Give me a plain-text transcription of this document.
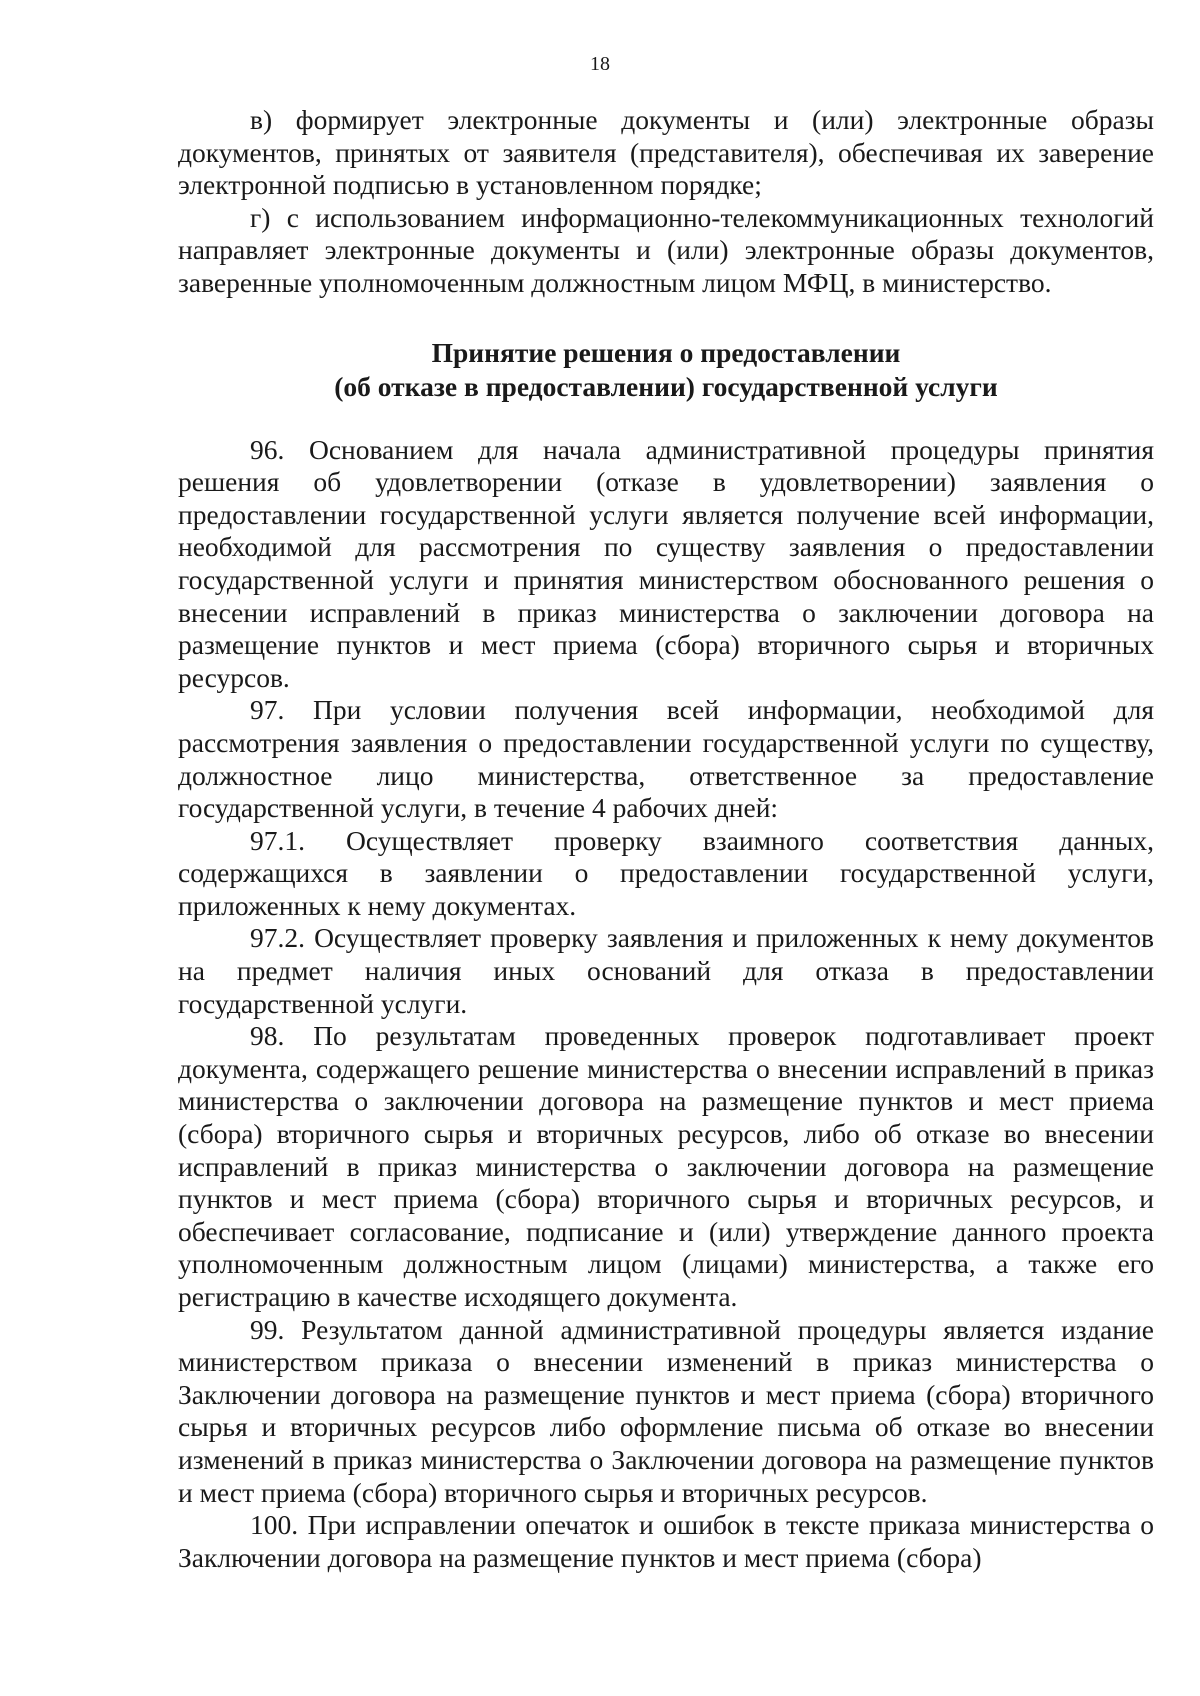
18

в) формирует электронные документы и (или) электронные образы документов, принятых от заявителя (представителя), обеспечивая их заверение электронной подписью в установленном порядке;

г) с использованием информационно-телекоммуникационных технологий направляет электронные документы и (или) электронные образы документов, заверенные уполномоченным должностным лицом МФЦ, в министерство.

Принятие решения о предоставлении
(об отказе в предоставлении) государственной услуги

96. Основанием для начала административной процедуры принятия решения об удовлетворении (отказе в удовлетворении) заявления о предоставлении государственной услуги является получение всей информации, необходимой для рассмотрения по существу заявления о предоставлении государственной услуги и принятия министерством обоснованного решения о внесении исправлений в приказ министерства о заключении договора на размещение пунктов и мест приема (сбора) вторичного сырья и вторичных ресурсов.

97. При условии получения всей информации, необходимой для рассмотрения заявления о предоставлении государственной услуги по существу, должностное лицо министерства, ответственное за предоставление государственной услуги, в течение 4 рабочих дней:

97.1. Осуществляет проверку взаимного соответствия данных, содержащихся в заявлении о предоставлении государственной услуги, приложенных к нему документах.

97.2. Осуществляет проверку заявления и приложенных к нему документов на предмет наличия иных оснований для отказа в предоставлении государственной услуги.

98. По результатам проведенных проверок подготавливает проект документа, содержащего решение министерства о внесении исправлений в приказ министерства о заключении договора на размещение пунктов и мест приема (сбора) вторичного сырья и вторичных ресурсов, либо об отказе во внесении исправлений в приказ министерства о заключении договора на размещение пунктов и мест приема (сбора) вторичного сырья и вторичных ресурсов, и обеспечивает согласование, подписание и (или) утверждение данного проекта уполномоченным должностным лицом (лицами) министерства, а также его регистрацию в качестве исходящего документа.

99. Результатом данной административной процедуры является издание министерством приказа о внесении изменений в приказ министерства о Заключении договора на размещение пунктов и мест приема (сбора) вторичного сырья и вторичных ресурсов либо оформление письма об отказе во внесении изменений в приказ министерства о Заключении договора на размещение пунктов и мест приема (сбора) вторичного сырья и вторичных ресурсов.

100. При исправлении опечаток и ошибок в тексте приказа министерства о Заключении договора на размещение пунктов и мест приема (сбора)
